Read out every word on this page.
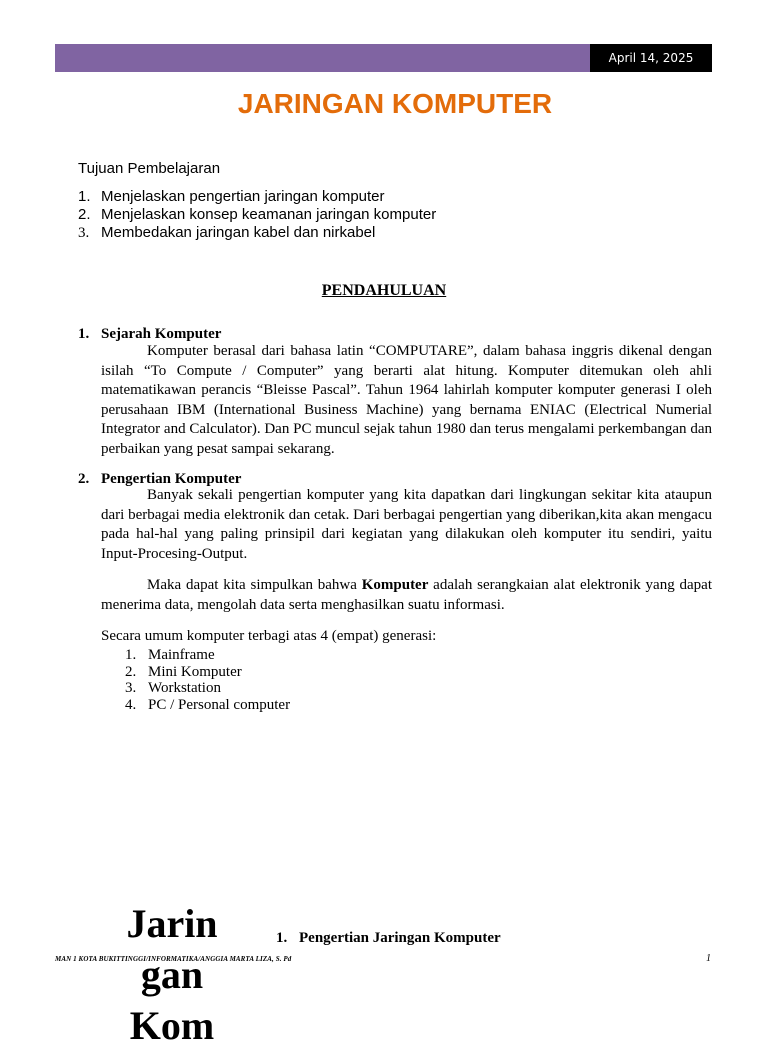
April 14, 2025
JARINGAN KOMPUTER
Tujuan Pembelajaran
1. Menjelaskan pengertian jaringan komputer
2. Menjelaskan konsep keamanan jaringan komputer
3. Membedakan jaringan kabel dan nirkabel
PENDAHULUAN
1. Sejarah Komputer
Komputer berasal dari bahasa latin “COMPUTARE”, dalam bahasa inggris dikenal dengan isilah “To Compute / Computer” yang berarti alat hitung. Komputer ditemukan oleh ahli matematikawan perancis “Bleisse Pascal”. Tahun 1964 lahirlah komputer komputer generasi I oleh perusahaan IBM (International Business Machine) yang bernama ENIAC (Electrical Numerial Integrator and Calculator). Dan PC muncul sejak tahun 1980 dan terus mengalami perkembangan dan perbaikan yang pesat sampai sekarang.
2. Pengertian Komputer
Banyak sekali pengertian komputer yang kita dapatkan dari lingkungan sekitar kita ataupun dari berbagai media elektronik dan cetak. Dari berbagai pengertian yang diberikan,kita akan mengacu pada hal-hal yang paling prinsipil dari kegiatan yang dilakukan oleh komputer itu sendiri, yaitu Input-Procesing-Output.
Maka dapat kita simpulkan bahwa Komputer adalah serangkaian alat elektronik yang dapat menerima data, mengolah data serta menghasilkan suatu informasi.
Secara umum komputer terbagi atas 4 (empat) generasi:
1. Mainframe
2. Mini Komputer
3. Workstation
4. PC / Personal computer
Jarin
gan
Kom
1. Pengertian Jaringan Komputer
MAN 1 KOTA BUKITTINGGI/INFORMATIKA/ANGGIA MARTA LIZA, S. Pd	1
